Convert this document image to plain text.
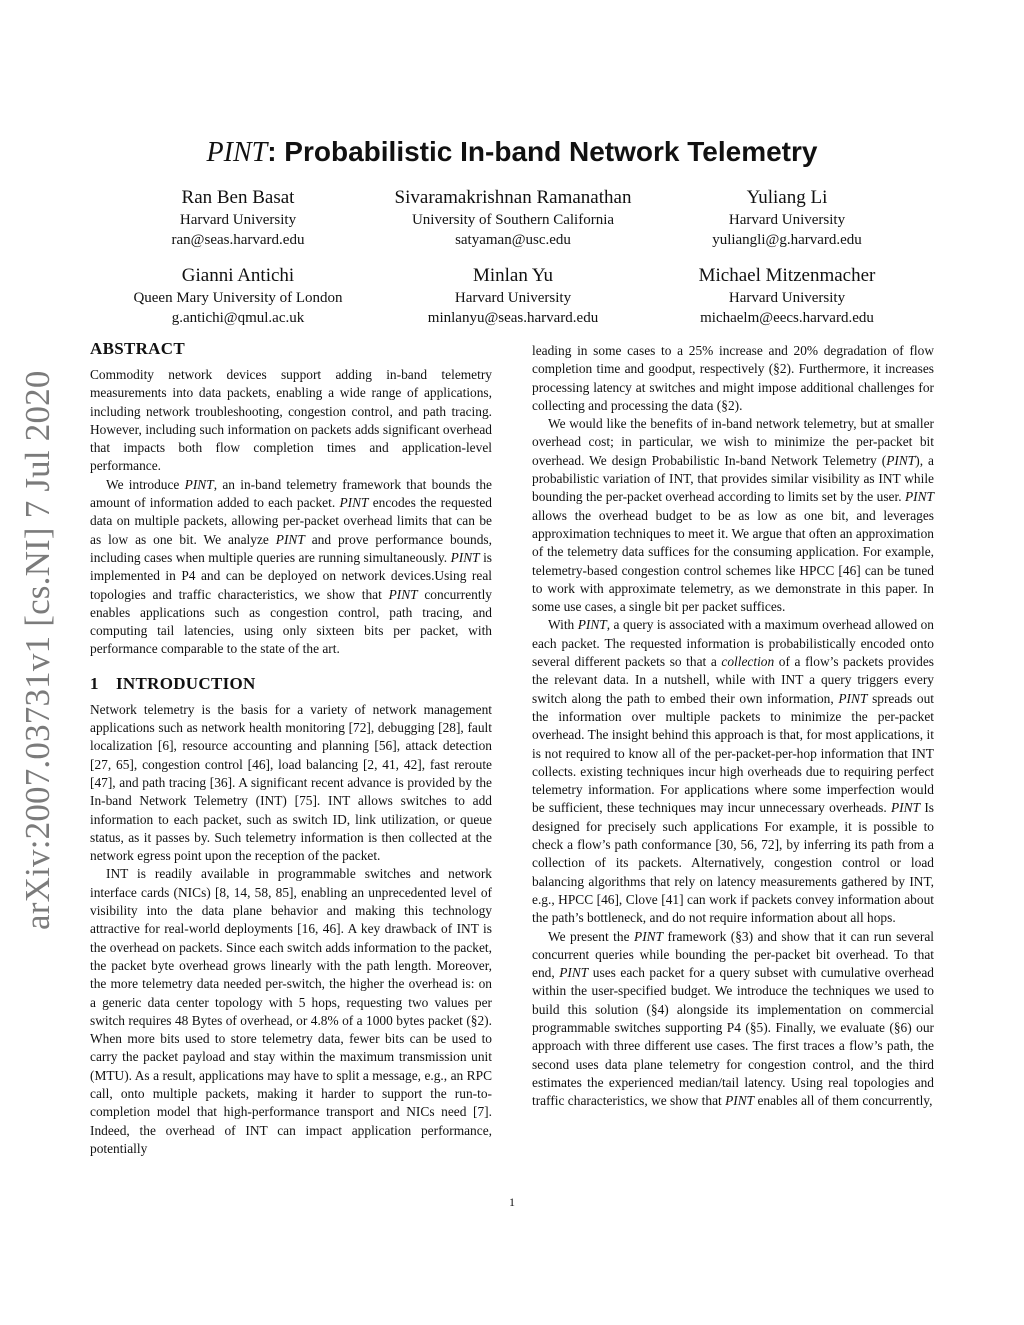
arXiv:2007.03731v1 [cs.NI] 7 Jul 2020
PINT: Probabilistic In-band Network Telemetry
Ran Ben Basat
Harvard University
ran@seas.harvard.edu
Sivaramakrishnan Ramanathan
University of Southern California
satyaman@usc.edu
Yuliang Li
Harvard University
yuliangli@g.harvard.edu
Gianni Antichi
Queen Mary University of London
g.antichi@qmul.ac.uk
Minlan Yu
Harvard University
minlanyu@seas.harvard.edu
Michael Mitzenmacher
Harvard University
michaelm@eecs.harvard.edu
ABSTRACT

Commodity network devices support adding in-band telemetry measurements into data packets, enabling a wide range of applications, including network troubleshooting, congestion control, and path tracing. However, including such information on packets adds significant overhead that impacts both flow completion times and application-level performance.

We introduce PINT, an in-band telemetry framework that bounds the amount of information added to each packet. PINT encodes the requested data on multiple packets, allowing per-packet overhead limits that can be as low as one bit. We analyze PINT and prove performance bounds, including cases when multiple queries are running simultaneously. PINT is implemented in P4 and can be deployed on network devices.Using real topologies and traffic characteristics, we show that PINT concurrently enables applications such as congestion control, path tracing, and computing tail latencies, using only sixteen bits per packet, with performance comparable to the state of the art.

1 INTRODUCTION

Network telemetry is the basis for a variety of network management applications such as network health monitoring [72], debugging [28], fault localization [6], resource accounting and planning [56], attack detection [27, 65], congestion control [46], load balancing [2, 41, 42], fast reroute [47], and path tracing [36]. A significant recent advance is provided by the In-band Network Telemetry (INT) [75]. INT allows switches to add information to each packet, such as switch ID, link utilization, or queue status, as it passes by. Such telemetry information is then collected at the network egress point upon the reception of the packet.

INT is readily available in programmable switches and network interface cards (NICs) [8, 14, 58, 85], enabling an unprecedented level of visibility into the data plane behavior and making this technology attractive for real-world deployments [16, 46]. A key drawback of INT is the overhead on packets. Since each switch adds information to the packet, the packet byte overhead grows linearly with the path length. Moreover, the more telemetry data needed per-switch, the higher the overhead is: on a generic data center topology with 5 hops, requesting two values per switch requires 48 Bytes of overhead, or 4.8% of a 1000 bytes packet (§2). When more bits used to store telemetry data, fewer bits can be used to carry the packet payload and stay within the maximum transmission unit (MTU). As a result, applications may have to split a message, e.g., an RPC call, onto multiple packets, making it harder to support the run-to-completion model that high-performance transport and NICs need [7]. Indeed, the overhead of INT can impact application performance, potentially

leading in some cases to a 25% increase and 20% degradation of flow completion time and goodput, respectively (§2). Furthermore, it increases processing latency at switches and might impose additional challenges for collecting and processing the data (§2).

We would like the benefits of in-band network telemetry, but at smaller overhead cost; in particular, we wish to minimize the per-packet bit overhead. We design Probabilistic In-band Network Telemetry (PINT), a probabilistic variation of INT, that provides similar visibility as INT while bounding the per-packet overhead according to limits set by the user. PINT allows the overhead budget to be as low as one bit, and leverages approximation techniques to meet it. We argue that often an approximation of the telemetry data suffices for the consuming application. For example, telemetry-based congestion control schemes like HPCC [46] can be tuned to work with approximate telemetry, as we demonstrate in this paper. In some use cases, a single bit per packet suffices.

With PINT, a query is associated with a maximum overhead allowed on each packet. The requested information is probabilistically encoded onto several different packets so that a collection of a flow’s packets provides the relevant data. In a nutshell, while with INT a query triggers every switch along the path to embed their own information, PINT spreads out the information over multiple packets to minimize the per-packet overhead. The insight behind this approach is that, for most applications, it is not required to know all of the per-packet-per-hop information that INT collects. existing techniques incur high overheads due to requiring perfect telemetry information. For applications where some imperfection would be sufficient, these techniques may incur unnecessary overheads. PINT Is designed for precisely such applications For example, it is possible to check a flow’s path conformance [30, 56, 72], by inferring its path from a collection of its packets. Alternatively, congestion control or load balancing algorithms that rely on latency measurements gathered by INT, e.g., HPCC [46], Clove [41] can work if packets convey information about the path’s bottleneck, and do not require information about all hops.

We present the PINT framework (§3) and show that it can run several concurrent queries while bounding the per-packet bit overhead. To that end, PINT uses each packet for a query subset with cumulative overhead within the user-specified budget. We introduce the techniques we used to build this solution (§4) alongside its implementation on commercial programmable switches supporting P4 (§5). Finally, we evaluate (§6) our approach with three different use cases. The first traces a flow’s path, the second uses data plane telemetry for congestion control, and the third estimates the experienced median/tail latency. Using real topologies and traffic characteristics, we show that PINT enables all of them concurrently,

1
